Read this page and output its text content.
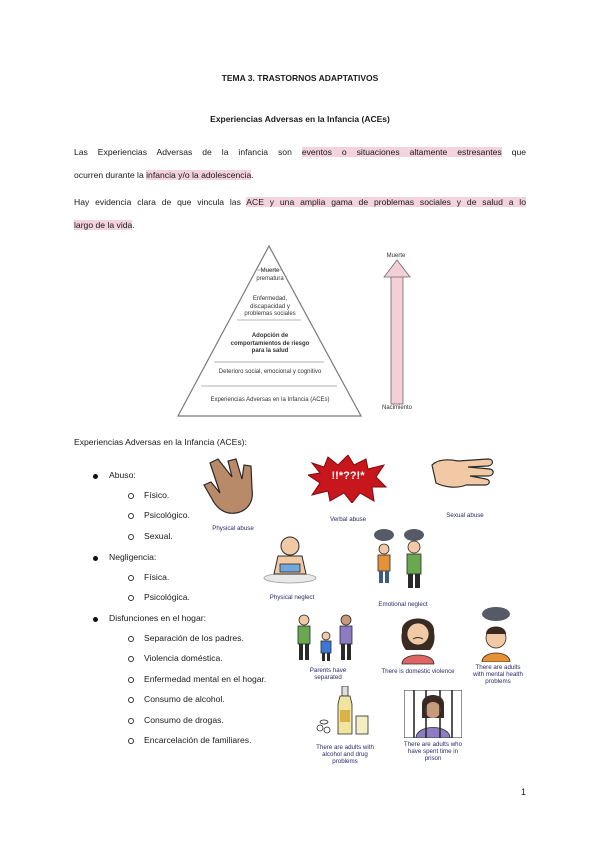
TEMA 3. TRASTORNOS ADAPTATIVOS
Experiencias Adversas en la Infancia (ACEs)
Las Experiencias Adversas de la infancia son eventos o situaciones altamente estresantes que
ocurren durante la infancia y/o la adolescencia.
Hay evidencia clara de que vincula las ACE y una amplia gama de problemas sociales y de salud a lo
largo de la vida.
Muerte
prematura
Enfermedad,
discapacidad y
problemas sociales
Adopción de
comportamientos de riesgo
para la salud
Deterioro social, emocional y cognitivo
Experiencias Adversas en la Infancia (ACEs)
Muerte
Nacimiento
Experiencias Adversas en la Infancia (ACEs):
Abuso:
Físico.
Psicológico.
Sexual.
Negligencia:
Física.
Psicológica.
Disfunciones en el hogar:
Separación de los padres.
Violencia doméstica.
Enfermedad mental en el hogar.
Consumo de alcohol.
Consumo de drogas.
Encarcelación de familiares.
Physical abuse
!!*??!*
Verbal abuse
Sexual abuse
Physical neglect
Emotional neglect
Parents have separated
There is domestic violence
There are adults with mental health problems
There are adults with alcohol and drug problems
There are adults who have spent time in prison
1
